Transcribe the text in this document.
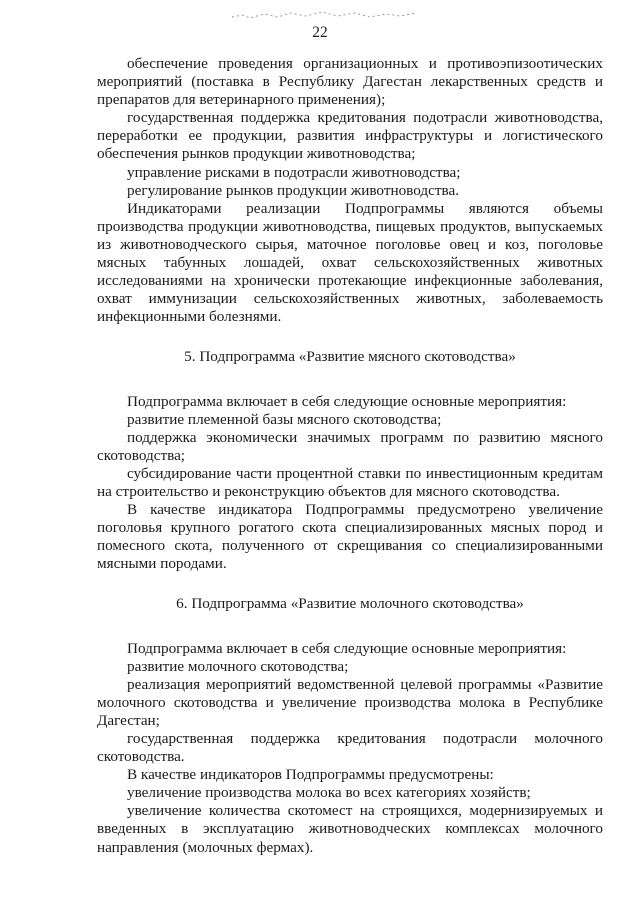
22

обеспечение проведения организационных и противоэпизоотических мероприятий (поставка в Республику Дагестан лекарственных средств и препаратов для ветеринарного применения);

государственная поддержка кредитования подотрасли животноводства, переработки ее продукции, развития инфраструктуры и логистического обеспечения рынков продукции животноводства;

управление рисками в подотрасли животноводства;

регулирование рынков продукции животноводства.

Индикаторами реализации Подпрограммы являются объемы производства продукции животноводства, пищевых продуктов, выпускаемых из животноводческого сырья, маточное поголовье овец и коз, поголовье мясных табунных лошадей, охват сельскохозяйственных животных исследованиями на хронически протекающие инфекционные заболевания, охват иммунизации сельскохозяйственных животных, заболеваемость инфекционными болезнями.

5. Подпрограмма «Развитие мясного скотоводства»

Подпрограмма включает в себя следующие основные мероприятия:

развитие племенной базы мясного скотоводства;

поддержка экономически значимых программ по развитию мясного скотоводства;

субсидирование части процентной ставки по инвестиционным кредитам на строительство и реконструкцию объектов для мясного скотоводства.

В качестве индикатора Подпрограммы предусмотрено увеличение поголовья крупного рогатого скота специализированных мясных пород и помесного скота, полученного от скрещивания со специализированными мясными породами.

6. Подпрограмма «Развитие молочного скотоводства»

Подпрограмма включает в себя следующие основные мероприятия:

развитие молочного скотоводства;

реализация мероприятий ведомственной целевой программы «Развитие молочного скотоводства и увеличение производства молока в Республике Дагестан;

государственная поддержка кредитования подотрасли молочного скотоводства.

В качестве индикаторов Подпрограммы предусмотрены:

увеличение производства молока во всех категориях хозяйств;

увеличение количества скотомест на строящихся, модернизируемых и введенных в эксплуатацию животноводческих комплексах молочного направления (молочных фермах).
